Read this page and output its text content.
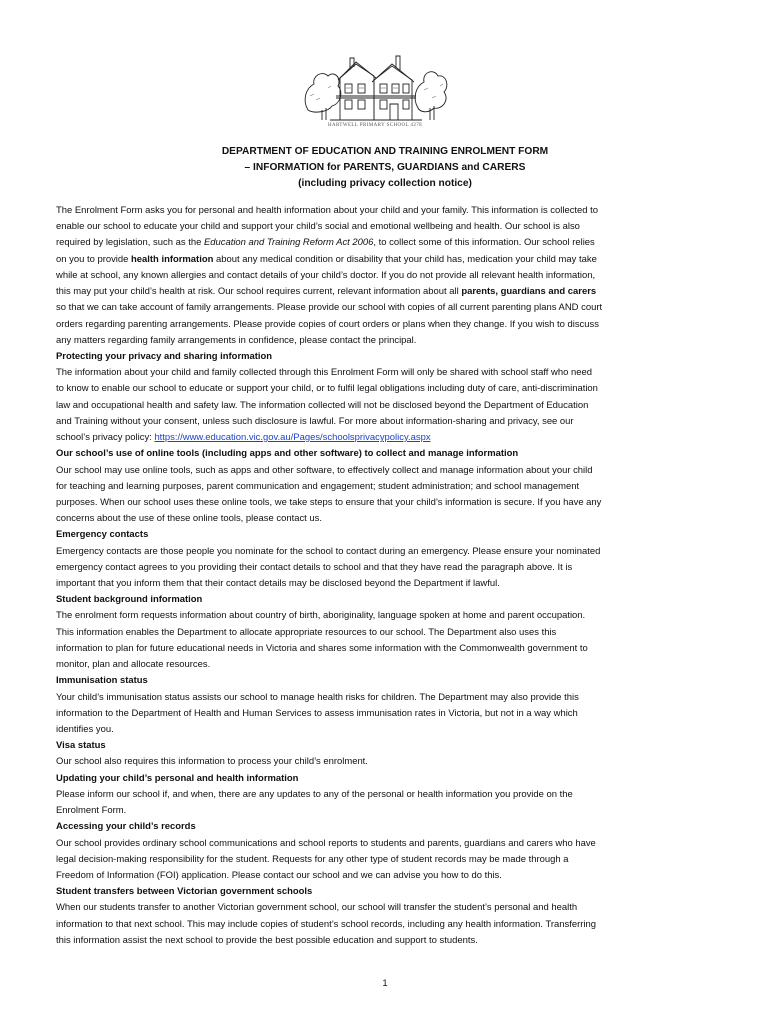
HARTWELL PRIMARY SCHOOL 4278
DEPARTMENT OF EDUCATION AND TRAINING ENROLMENT FORM
– INFORMATION for PARENTS, GUARDIANS and CARERS
(including privacy collection notice)
The Enrolment Form asks you for personal and health information about your child and your family. This information is collected to
enable our school to educate your child and support your child’s social and emotional wellbeing and health. Our school is also
required by legislation, such as the Education and Training Reform Act 2006, to collect some of this information. Our school relies
on you to provide health information about any medical condition or disability that your child has, medication your child may take
while at school, any known allergies and contact details of your child’s doctor. If you do not provide all relevant health information,
this may put your child’s health at risk. Our school requires current, relevant information about all parents, guardians and carers
so that we can take account of family arrangements. Please provide our school with copies of all current parenting plans AND court
orders regarding parenting arrangements. Please provide copies of court orders or plans when they change. If you wish to discuss
any matters regarding family arrangements in confidence, please contact the principal.
Protecting your privacy and sharing information
The information about your child and family collected through this Enrolment Form will only be shared with school staff who need
to know to enable our school to educate or support your child, or to fulfil legal obligations including duty of care, anti-discrimination
law and occupational health and safety law. The information collected will not be disclosed beyond the Department of Education
and Training without your consent, unless such disclosure is lawful. For more about information-sharing and privacy, see our
school’s privacy policy: https://www.education.vic.gov.au/Pages/schoolsprivacypolicy.aspx
Our school’s use of online tools (including apps and other software) to collect and manage information
Our school may use online tools, such as apps and other software, to effectively collect and manage information about your child
for teaching and learning purposes, parent communication and engagement; student administration; and school management
purposes. When our school uses these online tools, we take steps to ensure that your child’s information is secure. If you have any
concerns about the use of these online tools, please contact us.
Emergency contacts
Emergency contacts are those people you nominate for the school to contact during an emergency. Please ensure your nominated
emergency contact agrees to you providing their contact details to school and that they have read the paragraph above. It is
important that you inform them that their contact details may be disclosed beyond the Department if lawful.
Student background information
The enrolment form requests information about country of birth, aboriginality, language spoken at home and parent occupation.
This information enables the Department to allocate appropriate resources to our school. The Department also uses this
information to plan for future educational needs in Victoria and shares some information with the Commonwealth government to
monitor, plan and allocate resources.
Immunisation status
Your child’s immunisation status assists our school to manage health risks for children. The Department may also provide this
information to the Department of Health and Human Services to assess immunisation rates in Victoria, but not in a way which
identifies you.
Visa status
Our school also requires this information to process your child’s enrolment.
Updating your child’s personal and health information
Please inform our school if, and when, there are any updates to any of the personal or health information you provide on the
Enrolment Form.
Accessing your child’s records
Our school provides ordinary school communications and school reports to students and parents, guardians and carers who have
legal decision-making responsibility for the student. Requests for any other type of student records may be made through a
Freedom of Information (FOI) application. Please contact our school and we can advise you how to do this.
Student transfers between Victorian government schools
When our students transfer to another Victorian government school, our school will transfer the student’s personal and health
information to that next school. This may include copies of student’s school records, including any health information. Transferring
this information assist the next school to provide the best possible education and support to students.
1
